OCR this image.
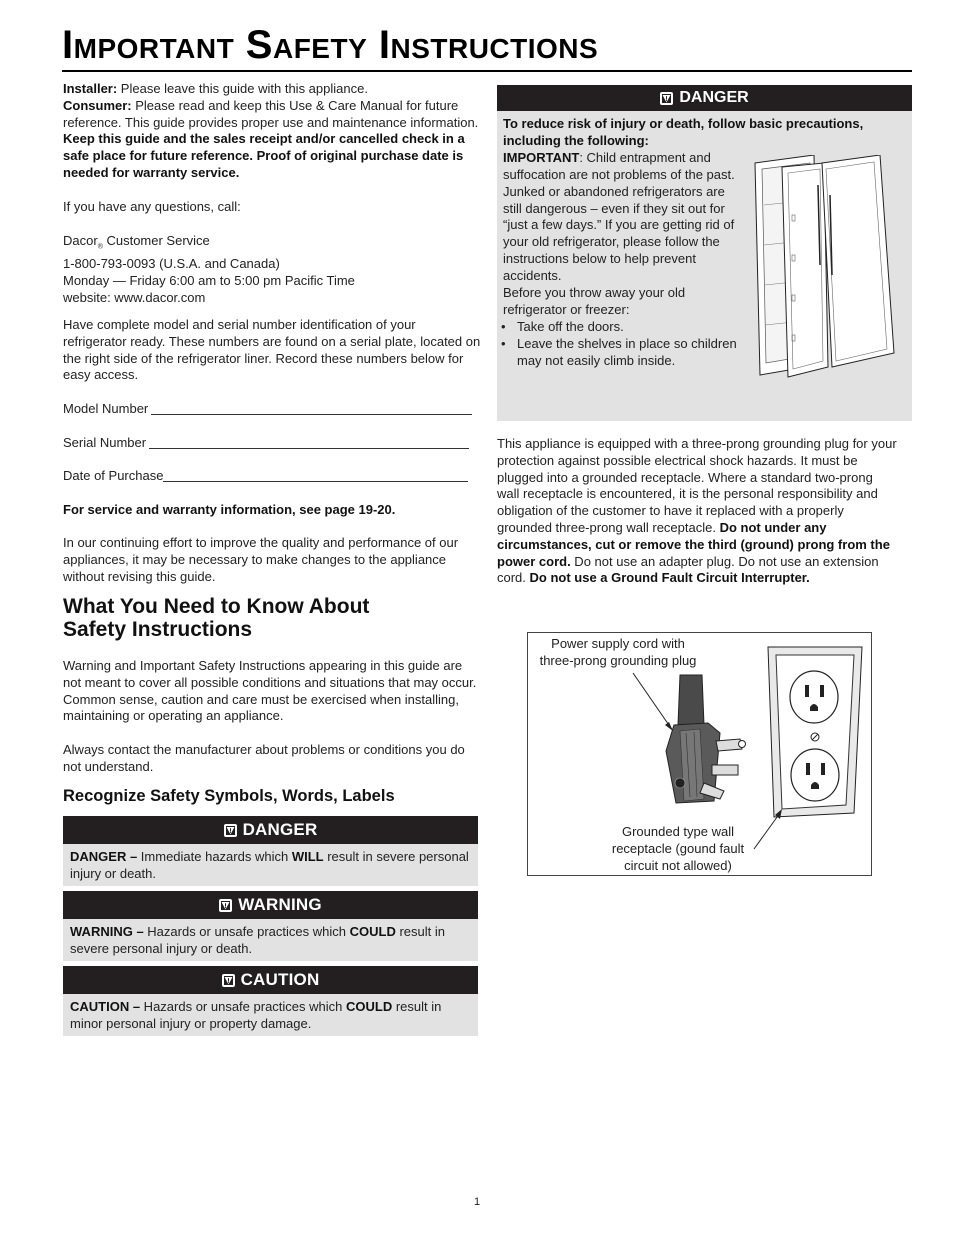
Important Safety Instructions

Installer: Please leave this guide with this appliance.

Consumer: Please read and keep this Use & Care Manual for future reference. This guide provides proper use and maintenance information. Keep this guide and the sales receipt and/or cancelled check in a safe place for future reference. Proof of original purchase date is needed for warranty service.

If you have any questions, call:

Dacor$_®$ Customer Service

1-800-793-0093 (U.S.A. and Canada)

Monday — Friday 6:00 am to 5:00 pm Pacific Time

website: www.dacor.com

Have complete model and serial number identification of your refrigerator ready. These numbers are found on a serial plate, located on the right side of the refrigerator liner. Record these numbers below for easy access.
Model Number
Serial Number
Date of Purchase
For service and warranty information, see page 19-20.
In our continuing effort to improve the quality and performance of our appliances, it may be necessary to make changes to the appliance without revising this guide.
What You Need to Know About Safety Instructions
Warning and Important Safety Instructions appearing in this guide are not meant to cover all possible conditions and situations that may occur. Common sense, caution and care must be exercised when installing, maintaining or operating an appliance.
Always contact the manufacturer about problems or conditions you do not understand.
Recognize Safety Symbols, Words, Labels
DANGER
DANGER – Immediate hazards which WILL result in severe personal injury or death.
WARNING
WARNING – Hazards or unsafe practices which COULD result in severe personal injury or death.
CAUTION
CAUTION – Hazards or unsafe practices which COULD result in minor personal injury or property damage.
DANGER

To reduce risk of injury or death, follow basic precautions, including the following:

IMPORTANT: Child entrapment and suffocation are not problems of the past. Junked or abandoned refrigerators are still dangerous – even if they sit out for “just a few days.” If you are getting rid of your old refrigerator, please follow the instructions below to help prevent accidents.

Before you throw away your old refrigerator or freezer:

• Take off the doors.

• Leave the shelves in place so children may not easily climb inside.

This appliance is equipped with a three-prong grounding plug for your protection against possible electrical shock hazards. It must be plugged into a grounded receptacle. Where a standard two-prong wall receptacle is encountered, it is the personal responsibility and obligation of the customer to have it replaced with a properly grounded three-prong wall receptacle. Do not under any circumstances, cut or remove the third (ground) prong from the power cord. Do not use an adapter plug. Do not use an extension cord. Do not use a Ground Fault Circuit Interrupter.
Power supply cord with
three-prong grounding plug
Grounded type wall
receptacle (gound fault
circuit not allowed)
1
